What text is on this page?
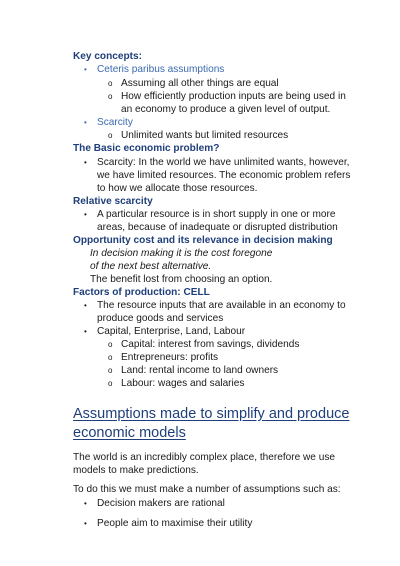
Key concepts:
• Ceteris paribus assumptions
o Assuming all other things are equal
o How efficiently production inputs are being used in
an economy to produce a given level of output.
• Scarcity
o Unlimited wants but limited resources
The Basic economic problem?
• Scarcity: In the world we have unlimited wants, however,
we have limited resources. The economic problem refers
to how we allocate those resources.
Relative scarcity
• A particular resource is in short supply in one or more
areas, because of inadequate or disrupted distribution
Opportunity cost and its relevance in decision making
In decision making it is the cost foregone
of the next best alternative.
The benefit lost from choosing an option.
Factors of production: CELL
• The resource inputs that are available in an economy to
produce goods and services
• Capital, Enterprise, Land, Labour
o Capital: interest from savings, dividends
o Entrepreneurs: profits
o Land: rental income to land owners
o Labour: wages and salaries
Assumptions made to simplify and produce
economic models
The world is an incredibly complex place, therefore we use
models to make predictions.
To do this we must make a number of assumptions such as:
• Decision makers are rational
• People aim to maximise their utility
